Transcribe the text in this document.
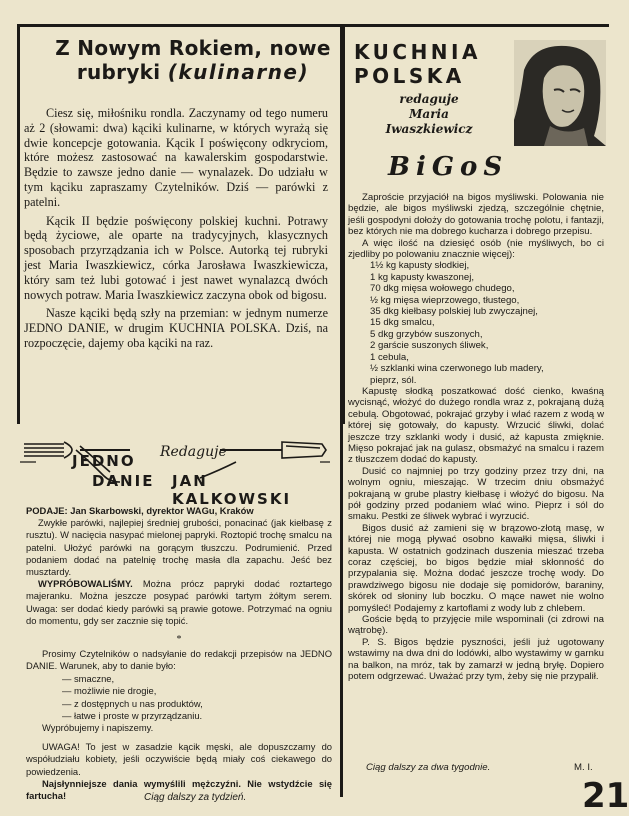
Z Nowym Rokiem, nowe
rubryki (kulinarne)

Ciesz się, miłośniku rondla. Zaczynamy od tego numeru aż 2 (słowami: dwa) kąciki kulinarne, w których wyrażą się dwie koncepcje gotowania. Kącik I poświęcony odkryciom, które możesz zastosować na kawalerskim gospodarstwie. Będzie to zawsze jedno danie — wynalazek. Do udziału w tym kąciku zapraszamy Czytelników. Dziś — parówki z patelni.

Kącik II będzie poświęcony polskiej kuchni. Potrawy będą życiowe, ale oparte na tradycyjnych, klasycznych sposobach przyrządzania ich w Polsce. Autorką tej rubryki jest Maria Iwaszkiewicz, córka Jarosława Iwaszkiewicza, który sam też lubi gotować i jest nawet wynalazcą dwóch nowych potraw. Maria Iwaszkiewicz zaczyna obok od bigosu.

Nasze kąciki będą szły na przemian: w jednym numerze JEDNO DANIE, w drugim KUCHNIA POLSKA. Dziś, na rozpoczęcie, dajemy oba kąciki na raz.

JEDNO Redaguje
DANIE JAN KALKOWSKI

PODAJE: Jan Skarbowski, dyrektor WAGu, Kraków

Zwykłe parówki, najlepiej średniej grubości, ponacinać (jak kiełbasę z rusztu). W nacięcia nasypać mielonej papryki. Roztopić trochę smalcu na patelni. Ułożyć parówki na gorącym tłuszczu. Podrumienić. Przed podaniem dodać na patelnię trochę masła dla zapachu. Jeść bez musztardy.

WYPRÓBOWALIŚMY. Można prócz papryki dodać roztartego majeranku. Można jeszcze posypać parówki tartym żółtym serem. Uwaga: ser dodać kiedy parówki są prawie gotowe. Potrzymać na ogniu do momentu, gdy ser zacznie się topić.

*

Prosimy Czytelników o nadsyłanie do redakcji przepisów na JEDNO DANIE. Warunek, aby to danie było:

— smaczne,
— możliwie nie drogie,
— z dostępnych u nas produktów,
— łatwe i proste w przyrządzaniu.

Wypróbujemy i napiszemy.

UWAGA! To jest w zasadzie kącik męski, ale dopuszczamy do współudziału kobiety, jeśli oczywiście będą miały coś ciekawego do powiedzenia.

Najsłynniejsze dania wymyślili mężczyźni. Nie wstydźcie się fartucha!	Ciąg dalszy za tydzień.
KUCHNIA
POLSKA
redaguje
Maria
Iwaszkiewicz
BiGoS

Zaproście przyjaciół na bigos myśliwski. Polowania nie będzie, ale bigos myśliwski zjedzą, szczególnie chętnie, jeśli gospodyni dołoży do gotowania trochę polotu, i fantazji, bez których nie ma dobrego kucharza i dobrego przepisu.

A więc ilość na dziesięć osób (nie myśliwych, bo ci zjedliby po polowaniu znacznie więcej):

1½ kg kapusty słodkiej,
1 kg kapusty kwaszonej,
70 dkg mięsa wołowego chudego,
½ kg mięsa wieprzowego, tłustego,
35 dkg kiełbasy polskiej lub zwyczajnej,
15 dkg smalcu,
5 dkg grzybów suszonych,
2 garście suszonych śliwek,
1 cebula,
½ szklanki wina czerwonego lub madery,
pieprz, sól.

Kapustę słodką poszatkować dość cienko, kwaśną wycisnąć, włożyć do dużego rondla wraz z, pokrajaną dużą cebulą. Obgotować, pokrajać grzyby i wlać razem z wodą w której się gotowały, do kapusty. Wrzucić śliwki, dolać jeszcze trzy szklanki wody i dusić, aż kapusta zmięknie. Mięso pokrajać jak na gulasz, obsmażyć na smalcu i razem z tłuszczem dodać do kapusty.

Dusić co najmniej po trzy godziny przez trzy dni, na wolnym ogniu, mieszając. W trzecim dniu obsmażyć pokrajaną w grube plastry kiełbasę i włożyć do bigosu. Na pół godziny przed podaniem wlać wino. Pieprz i sól do smaku. Pestki ze śliwek wybrać i wyrzucić.

Bigos dusić aż zamieni się w brązowo-złotą masę, w której nie mogą pływać osobno kawałki mięsa, śliwki i kapusta. W ostatnich godzinach duszenia mieszać trzeba coraz częściej, bo bigos będzie miał skłonność do przypalania się. Można dodać jeszcze trochę wody. Do prawdziwego bigosu nie dodaje się pomidorów, baraniny, skórek od słoniny lub boczku. O mące nawet nie wolno pomyśleć! Podajemy z kartoflami z wody lub z chlebem.

Goście będą to przyjęcie mile wspominali (ci zdrowi na wątrobę).

P. S. Bigos będzie pyszności, jeśli już ugotowany wstawimy na dwa dni do lodówki, albo wystawimy w garnku na balkon, na mróz, tak by zamarzł w jedną bryłę. Dopiero potem odgrzewać. Uważać przy tym, żeby się nie przypalił.

Ciąg dalszy za dwa tygodnie.	M. I.
21
